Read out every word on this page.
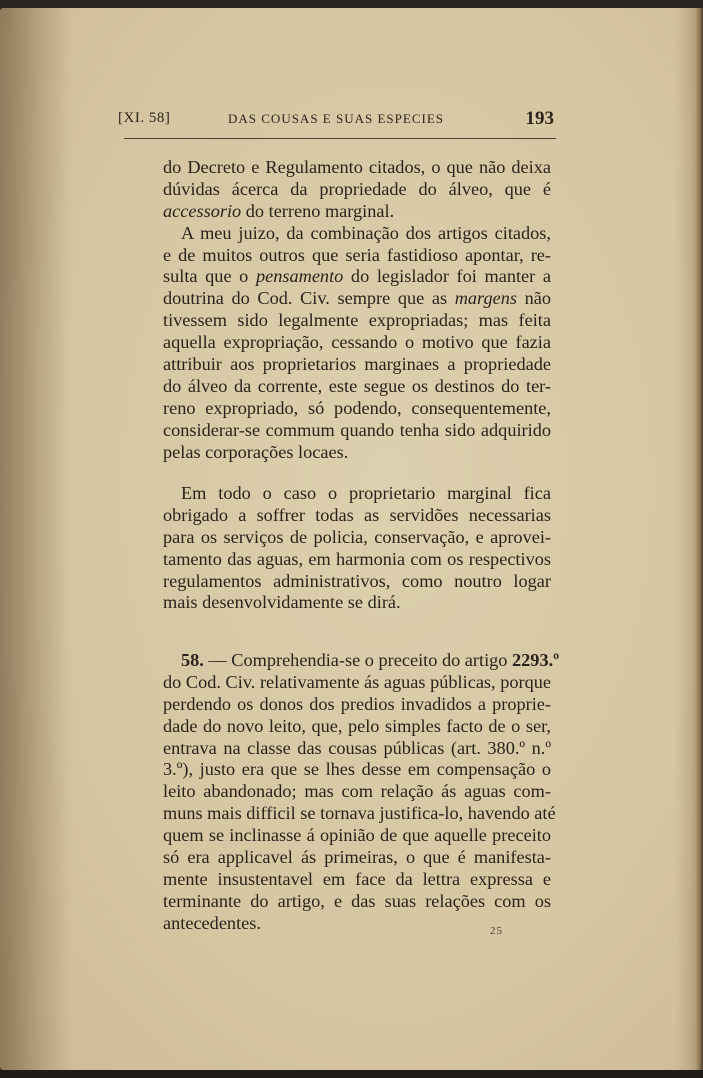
[XI. 58]	DAS COUSAS E SUAS ESPECIES	193
do Decreto e Regulamento citados, o que não deixa
dúvidas ácerca da propriedade do álveo, que é
accessorio do terreno marginal.
A meu juizo, da combinação dos artigos citados,
e de muitos outros que seria fastidioso apontar, re-
sulta que o pensamento do legislador foi manter a
doutrina do Cod. Civ. sempre que as margens não
tivessem sido legalmente expropriadas; mas feita
aquella expropriação, cessando o motivo que fazia
attribuir aos proprietarios marginaes a propriedade
do álveo da corrente, este segue os destinos do ter-
reno expropriado, só podendo, consequentemente,
considerar-se commum quando tenha sido adquirido
pelas corporações locaes.
Em todo o caso o proprietario marginal fica
obrigado a soffrer todas as servidões necessarias
para os serviços de policia, conservação, e aprovei-
tamento das aguas, em harmonia com os respectivos
regulamentos administrativos, como noutro logar
mais desenvolvidamente se dirá.
58. — Comprehendia-se o preceito do artigo 2293.º
do Cod. Civ. relativamente ás aguas públicas, porque
perdendo os donos dos predios invadidos a proprie-
dade do novo leito, que, pelo simples facto de o ser,
entrava na classe das cousas públicas (art. 380.º n.º
3.º), justo era que se lhes desse em compensação o
leito abandonado; mas com relação ás aguas com-
muns mais difficil se tornava justifica-lo, havendo até
quem se inclinasse á opinião de que aquelle preceito
só era applicavel ás primeiras, o que é manifesta-
mente insustentavel em face da lettra expressa e
terminante do artigo, e das suas relações com os
antecedentes.	25
